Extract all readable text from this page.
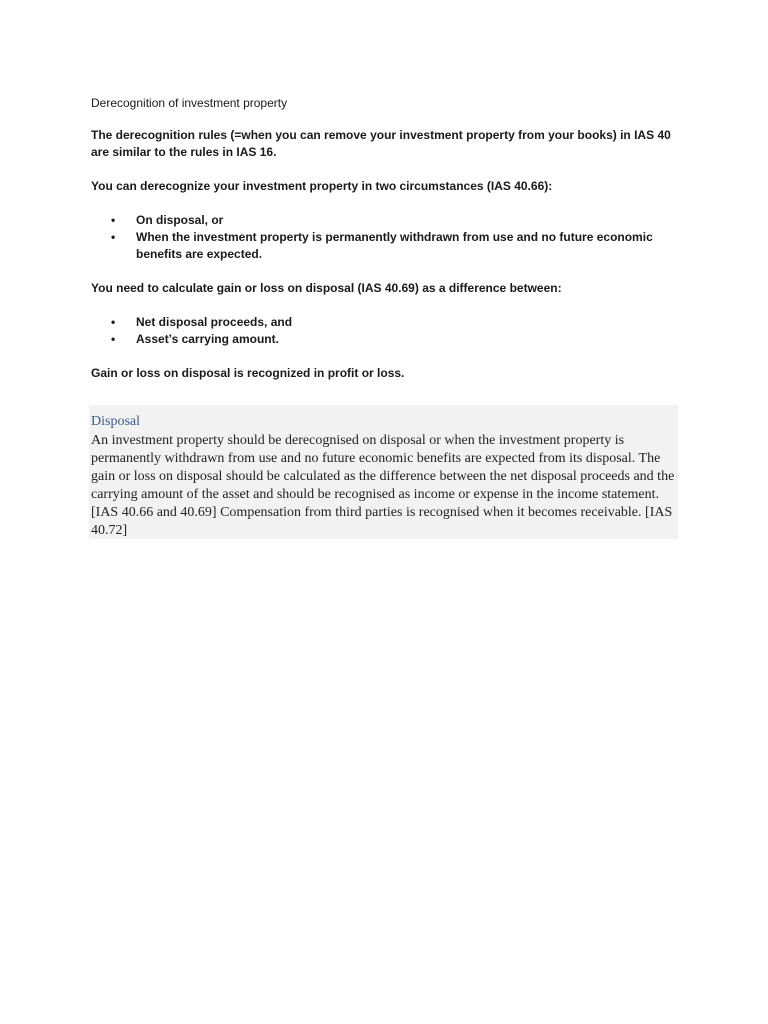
Derecognition of investment property
The derecognition rules (=when you can remove your investment property from your books) in IAS 40 are similar to the rules in IAS 16.
You can derecognize your investment property in two circumstances (IAS 40.66):
• On disposal, or
• When the investment property is permanently withdrawn from use and no future economic benefits are expected.
You need to calculate gain or loss on disposal (IAS 40.69) as a difference between:
• Net disposal proceeds, and
• Asset’s carrying amount.
Gain or loss on disposal is recognized in profit or loss.
Disposal
An investment property should be derecognised on disposal or when the investment property is permanently withdrawn from use and no future economic benefits are expected from its disposal. The gain or loss on disposal should be calculated as the difference between the net disposal proceeds and the carrying amount of the asset and should be recognised as income or expense in the income statement. [IAS 40.66 and 40.69] Compensation from third parties is recognised when it becomes receivable. [IAS 40.72]
